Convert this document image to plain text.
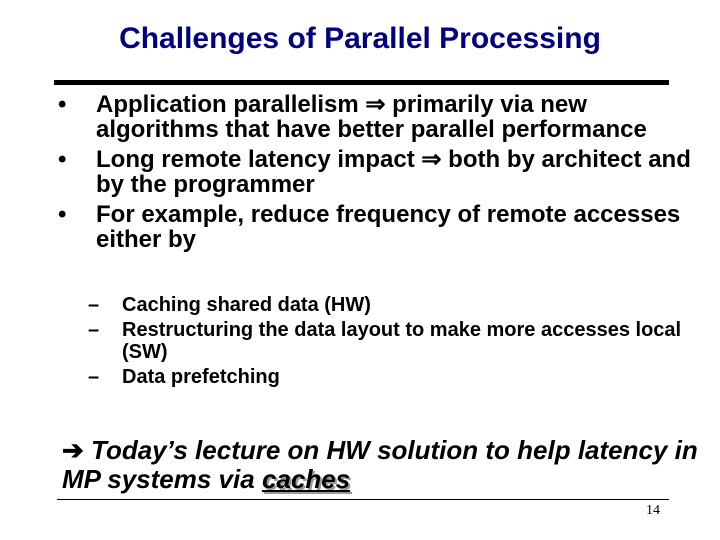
Challenges of Parallel Processing
• Application parallelism ⇒ primarily via new algorithms that have better parallel performance
• Long remote latency impact ⇒ both by architect and by the programmer
• For example, reduce frequency of remote accesses either by
– Caching shared data (HW)
– Restructuring the data layout to make more accesses local (SW)
– Data prefetching
➔ Today’s lecture on HW solution to help latency in MP systems via caches
14
